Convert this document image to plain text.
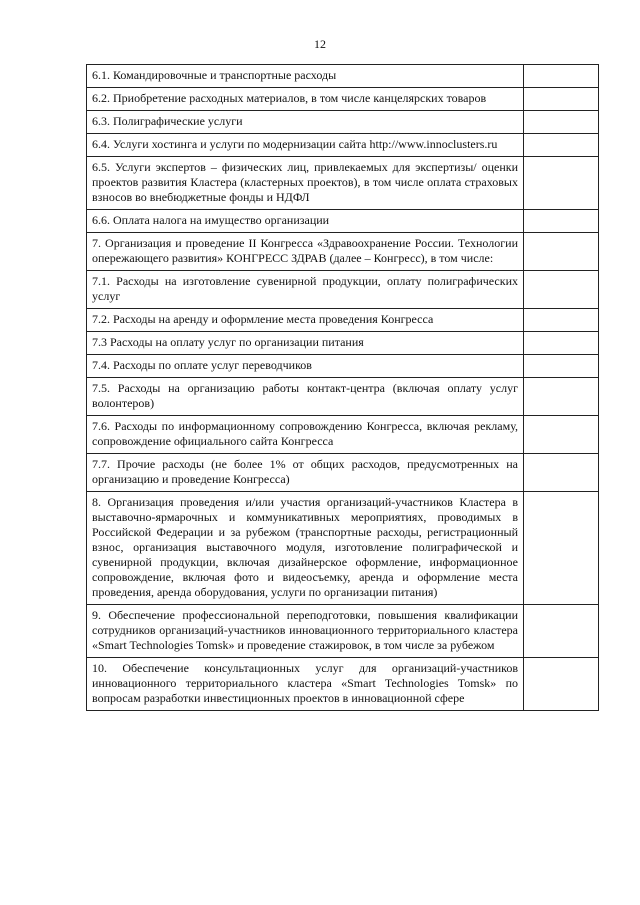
12
6.1. Командировочные и транспортные расходы	
6.2. Приобретение расходных материалов, в том числе канцелярских товаров	
6.3. Полиграфические услуги	
6.4. Услуги хостинга и услуги по модернизации сайта http://www.innoclusters.ru	
6.5. Услуги экспертов – физических лиц, привлекаемых для экспертизы/ оценки проектов развития Кластера (кластерных проектов), в том числе оплата страховых взносов во внебюджетные фонды и НДФЛ	
6.6. Оплата налога на имущество организации	
7. Организация и проведение II Конгресса «Здравоохранение России. Технологии опережающего развития» КОНГРЕСС ЗДРАВ (далее – Конгресс), в том числе:	
7.1. Расходы на изготовление сувенирной продукции, оплату полиграфических услуг	
7.2. Расходы на аренду и оформление места проведения Конгресса	
7.3 Расходы на оплату услуг по организации питания	
7.4. Расходы по оплате услуг переводчиков	
7.5. Расходы на организацию работы контакт-центра (включая оплату услуг волонтеров)	
7.6. Расходы по информационному сопровождению Конгресса, включая рекламу, сопровождение официального сайта Конгресса	
7.7. Прочие расходы (не более 1% от общих расходов, предусмотренных на организацию и проведение Конгресса)	
8. Организация проведения и/или участия организаций-участников Кластера в выставочно-ярмарочных и коммуникативных мероприятиях, проводимых в Российской Федерации и за рубежом (транспортные расходы, регистрационный взнос, организация выставочного модуля, изготовление полиграфической и сувенирной продукции, включая дизайнерское оформление, информационное сопровождение, включая фото и видеосъемку, аренда и оформление места проведения, аренда оборудования, услуги по организации питания)	
9. Обеспечение профессиональной переподготовки, повышения квалификации сотрудников организаций-участников инновационного территориального кластера «Smart Technologies Tomsk» и проведение стажировок, в том числе за рубежом	
10. Обеспечение консультационных услуг для организаций-участников инновационного территориального кластера «Smart Technologies Tomsk» по вопросам разработки инвестиционных проектов в инновационной сфере	
